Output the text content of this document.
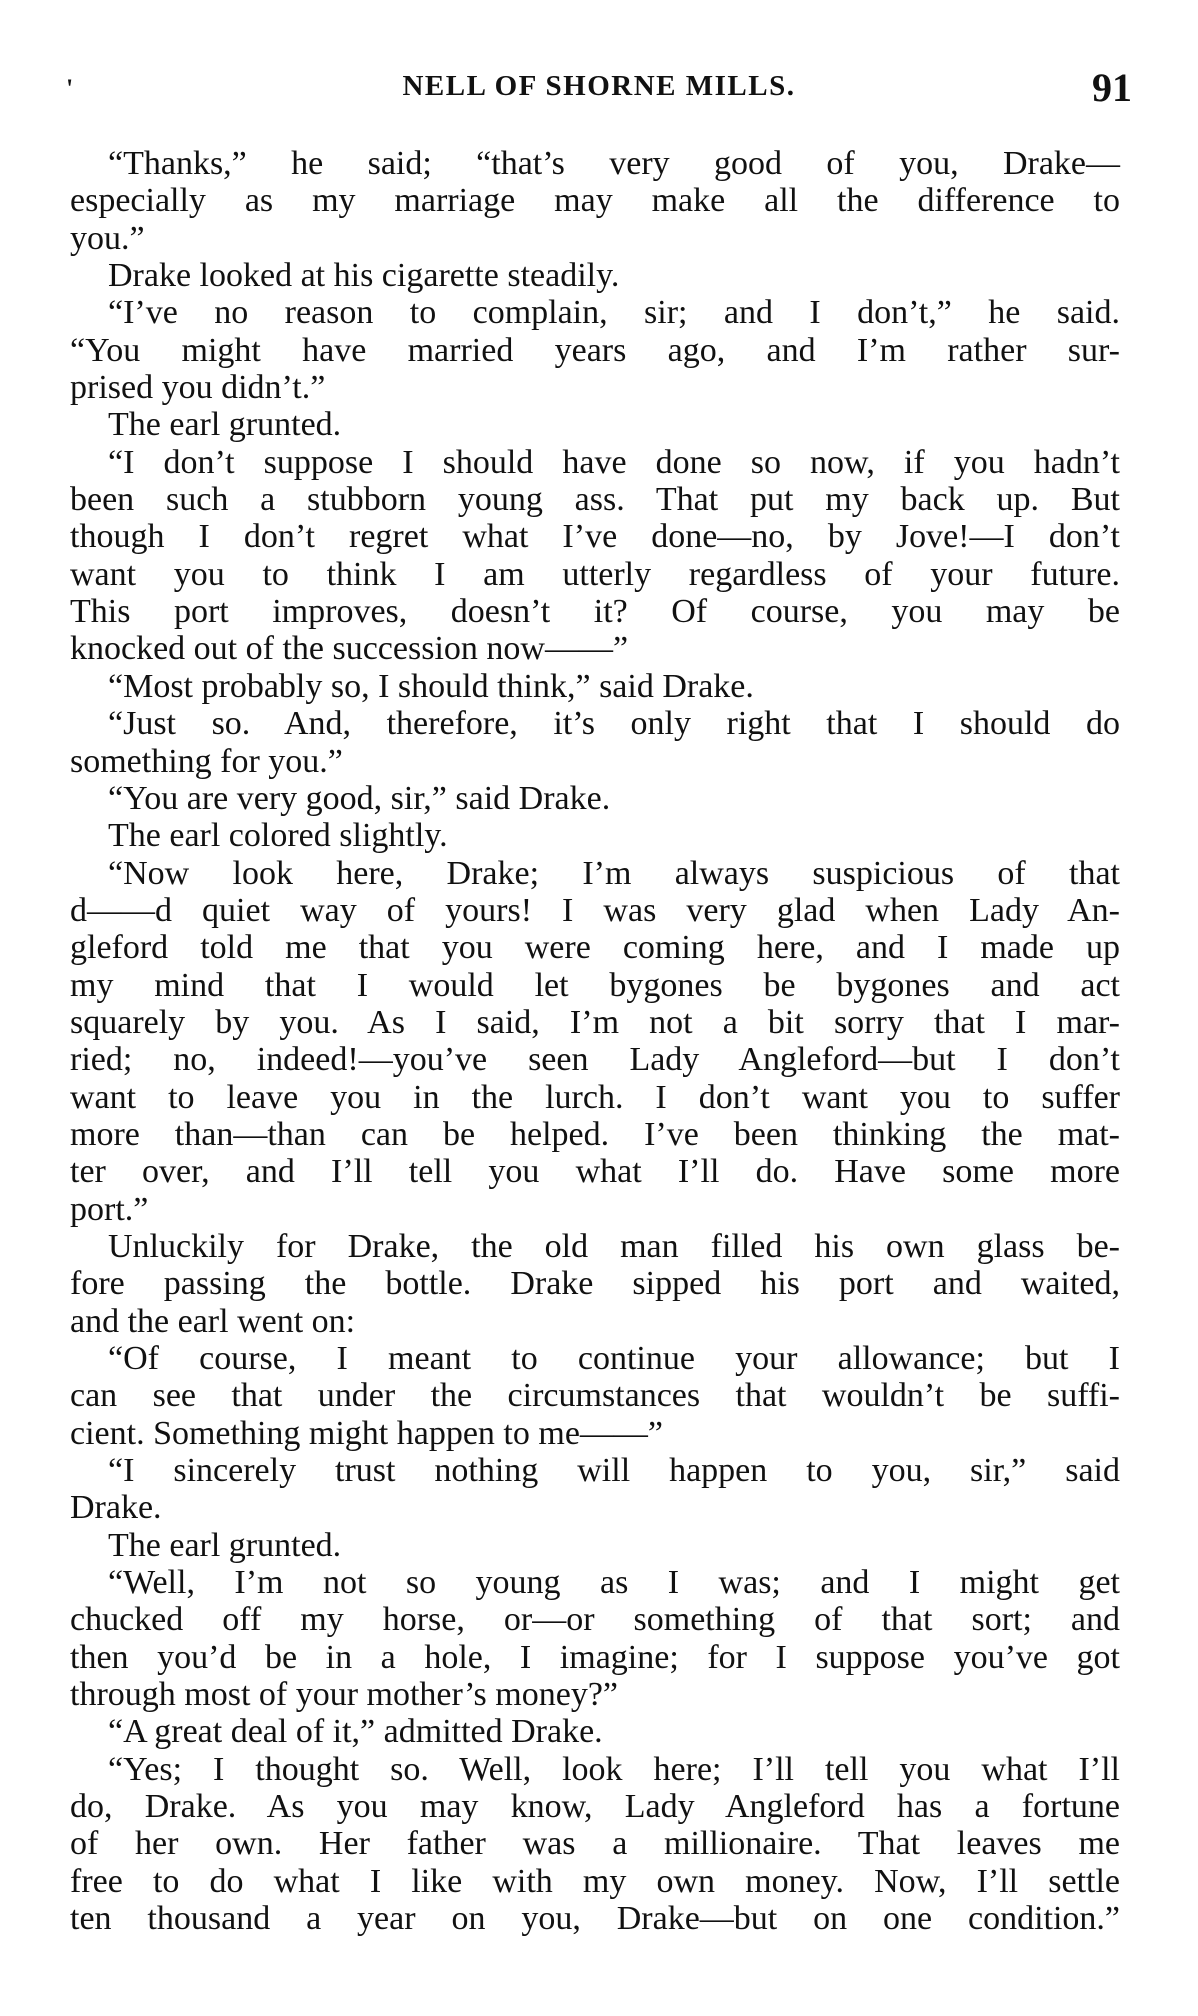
'	NELL OF SHORNE MILLS.	91
“Thanks,” he said; “that’s very good of you, Drake—
especially as my marriage may make all the difference to
you.”
Drake looked at his cigarette steadily.
“I’ve no reason to complain, sir; and I don’t,” he said.
“You might have married years ago, and I’m rather sur-
prised you didn’t.”
The earl grunted.
“I don’t suppose I should have done so now, if you hadn’t
been such a stubborn young ass. That put my back up. But
though I don’t regret what I’ve done—no, by Jove!—I don’t
want you to think I am utterly regardless of your future.
This port improves, doesn’t it? Of course, you may be
knocked out of the succession now——”
“Most probably so, I should think,” said Drake.
“Just so. And, therefore, it’s only right that I should do
something for you.”
“You are very good, sir,” said Drake.
The earl colored slightly.
“Now look here, Drake; I’m always suspicious of that
d——d quiet way of yours! I was very glad when Lady An-
gleford told me that you were coming here, and I made up
my mind that I would let bygones be bygones and act
squarely by you. As I said, I’m not a bit sorry that I mar-
ried; no, indeed!—you’ve seen Lady Angleford—but I don’t
want to leave you in the lurch. I don’t want you to suffer
more than—than can be helped. I’ve been thinking the mat-
ter over, and I’ll tell you what I’ll do. Have some more
port.”
Unluckily for Drake, the old man filled his own glass be-
fore passing the bottle. Drake sipped his port and waited,
and the earl went on:
“Of course, I meant to continue your allowance; but I
can see that under the circumstances that wouldn’t be suffi-
cient. Something might happen to me——”
“I sincerely trust nothing will happen to you, sir,” said
Drake.
The earl grunted.
“Well, I’m not so young as I was; and I might get
chucked off my horse, or—or something of that sort; and
then you’d be in a hole, I imagine; for I suppose you’ve got
through most of your mother’s money?”
“A great deal of it,” admitted Drake.
“Yes; I thought so. Well, look here; I’ll tell you what I’ll
do, Drake. As you may know, Lady Angleford has a fortune
of her own. Her father was a millionaire. That leaves me
free to do what I like with my own money. Now, I’ll settle
ten thousand a year on you, Drake—but on one condition.”
